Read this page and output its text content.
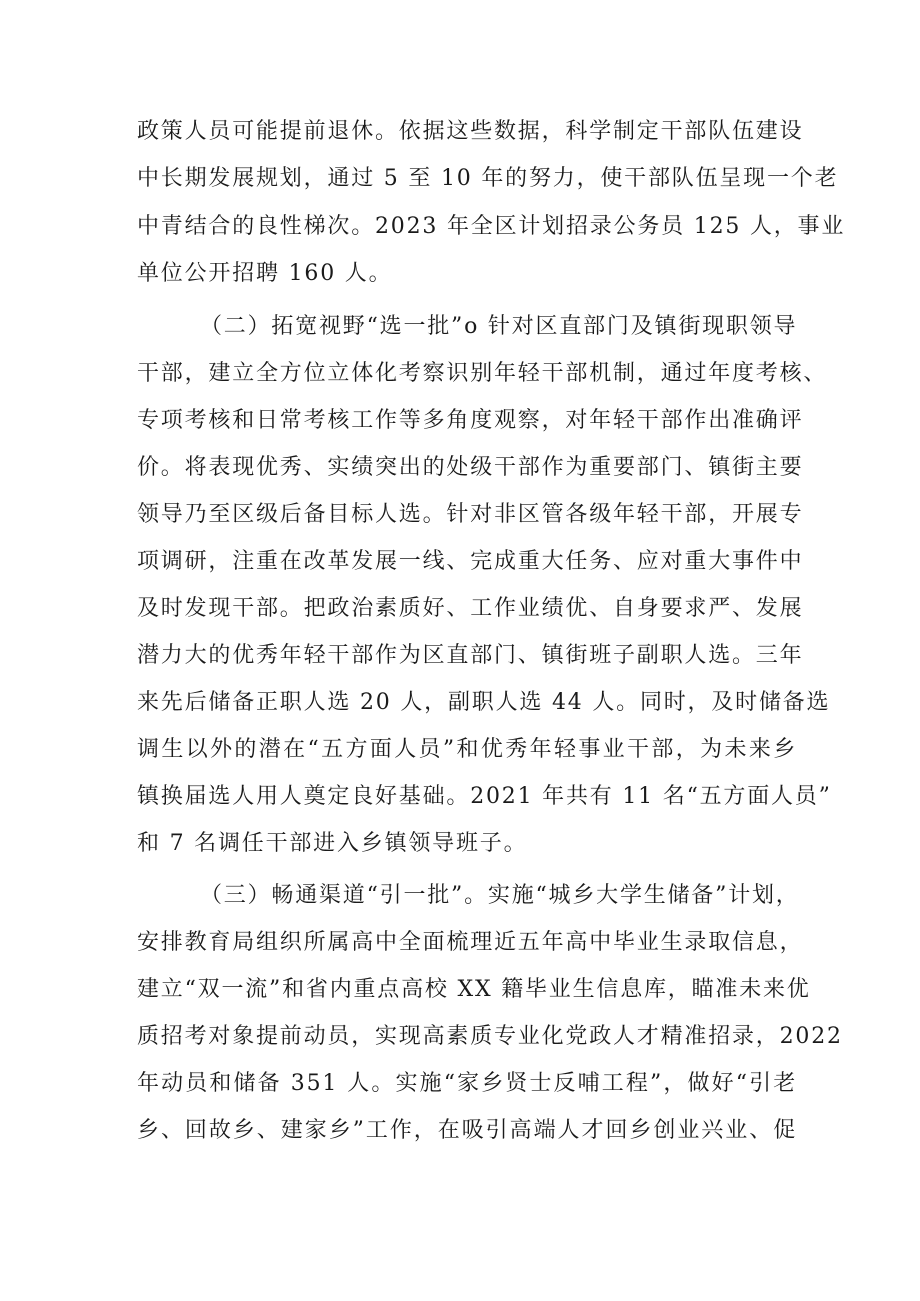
政策人员可能提前退休。依据这些数据，科学制定干部队伍建设
中长期发展规划，通过 5 至 10 年的努力，使干部队伍呈现一个老
中青结合的良性梯次。2023 年全区计划招录公务员 125 人，事业
单位公开招聘 160 人。
（二）拓宽视野“选一批”o 针对区直部门及镇街现职领导
干部，建立全方位立体化考察识别年轻干部机制，通过年度考核、
专项考核和日常考核工作等多角度观察，对年轻干部作出准确评
价。将表现优秀、实绩突出的处级干部作为重要部门、镇街主要
领导乃至区级后备目标人选。针对非区管各级年轻干部，开展专
项调研，注重在改革发展一线、完成重大任务、应对重大事件中
及时发现干部。把政治素质好、工作业绩优、自身要求严、发展
潜力大的优秀年轻干部作为区直部门、镇街班子副职人选。三年
来先后储备正职人选 20 人，副职人选 44 人。同时，及时储备选
调生以外的潜在“五方面人员”和优秀年轻事业干部，为未来乡
镇换届选人用人奠定良好基础。2021 年共有 11 名“五方面人员”
和 7 名调任干部进入乡镇领导班子。
（三）畅通渠道“引一批”。实施“城乡大学生储备”计划，
安排教育局组织所属高中全面梳理近五年高中毕业生录取信息，
建立“双一流”和省内重点高校 XX 籍毕业生信息库，瞄准未来优
质招考对象提前动员，实现高素质专业化党政人才精准招录，2022
年动员和储备 351 人。实施“家乡贤士反哺工程”，做好“引老
乡、回故乡、建家乡”工作，在吸引高端人才回乡创业兴业、促
